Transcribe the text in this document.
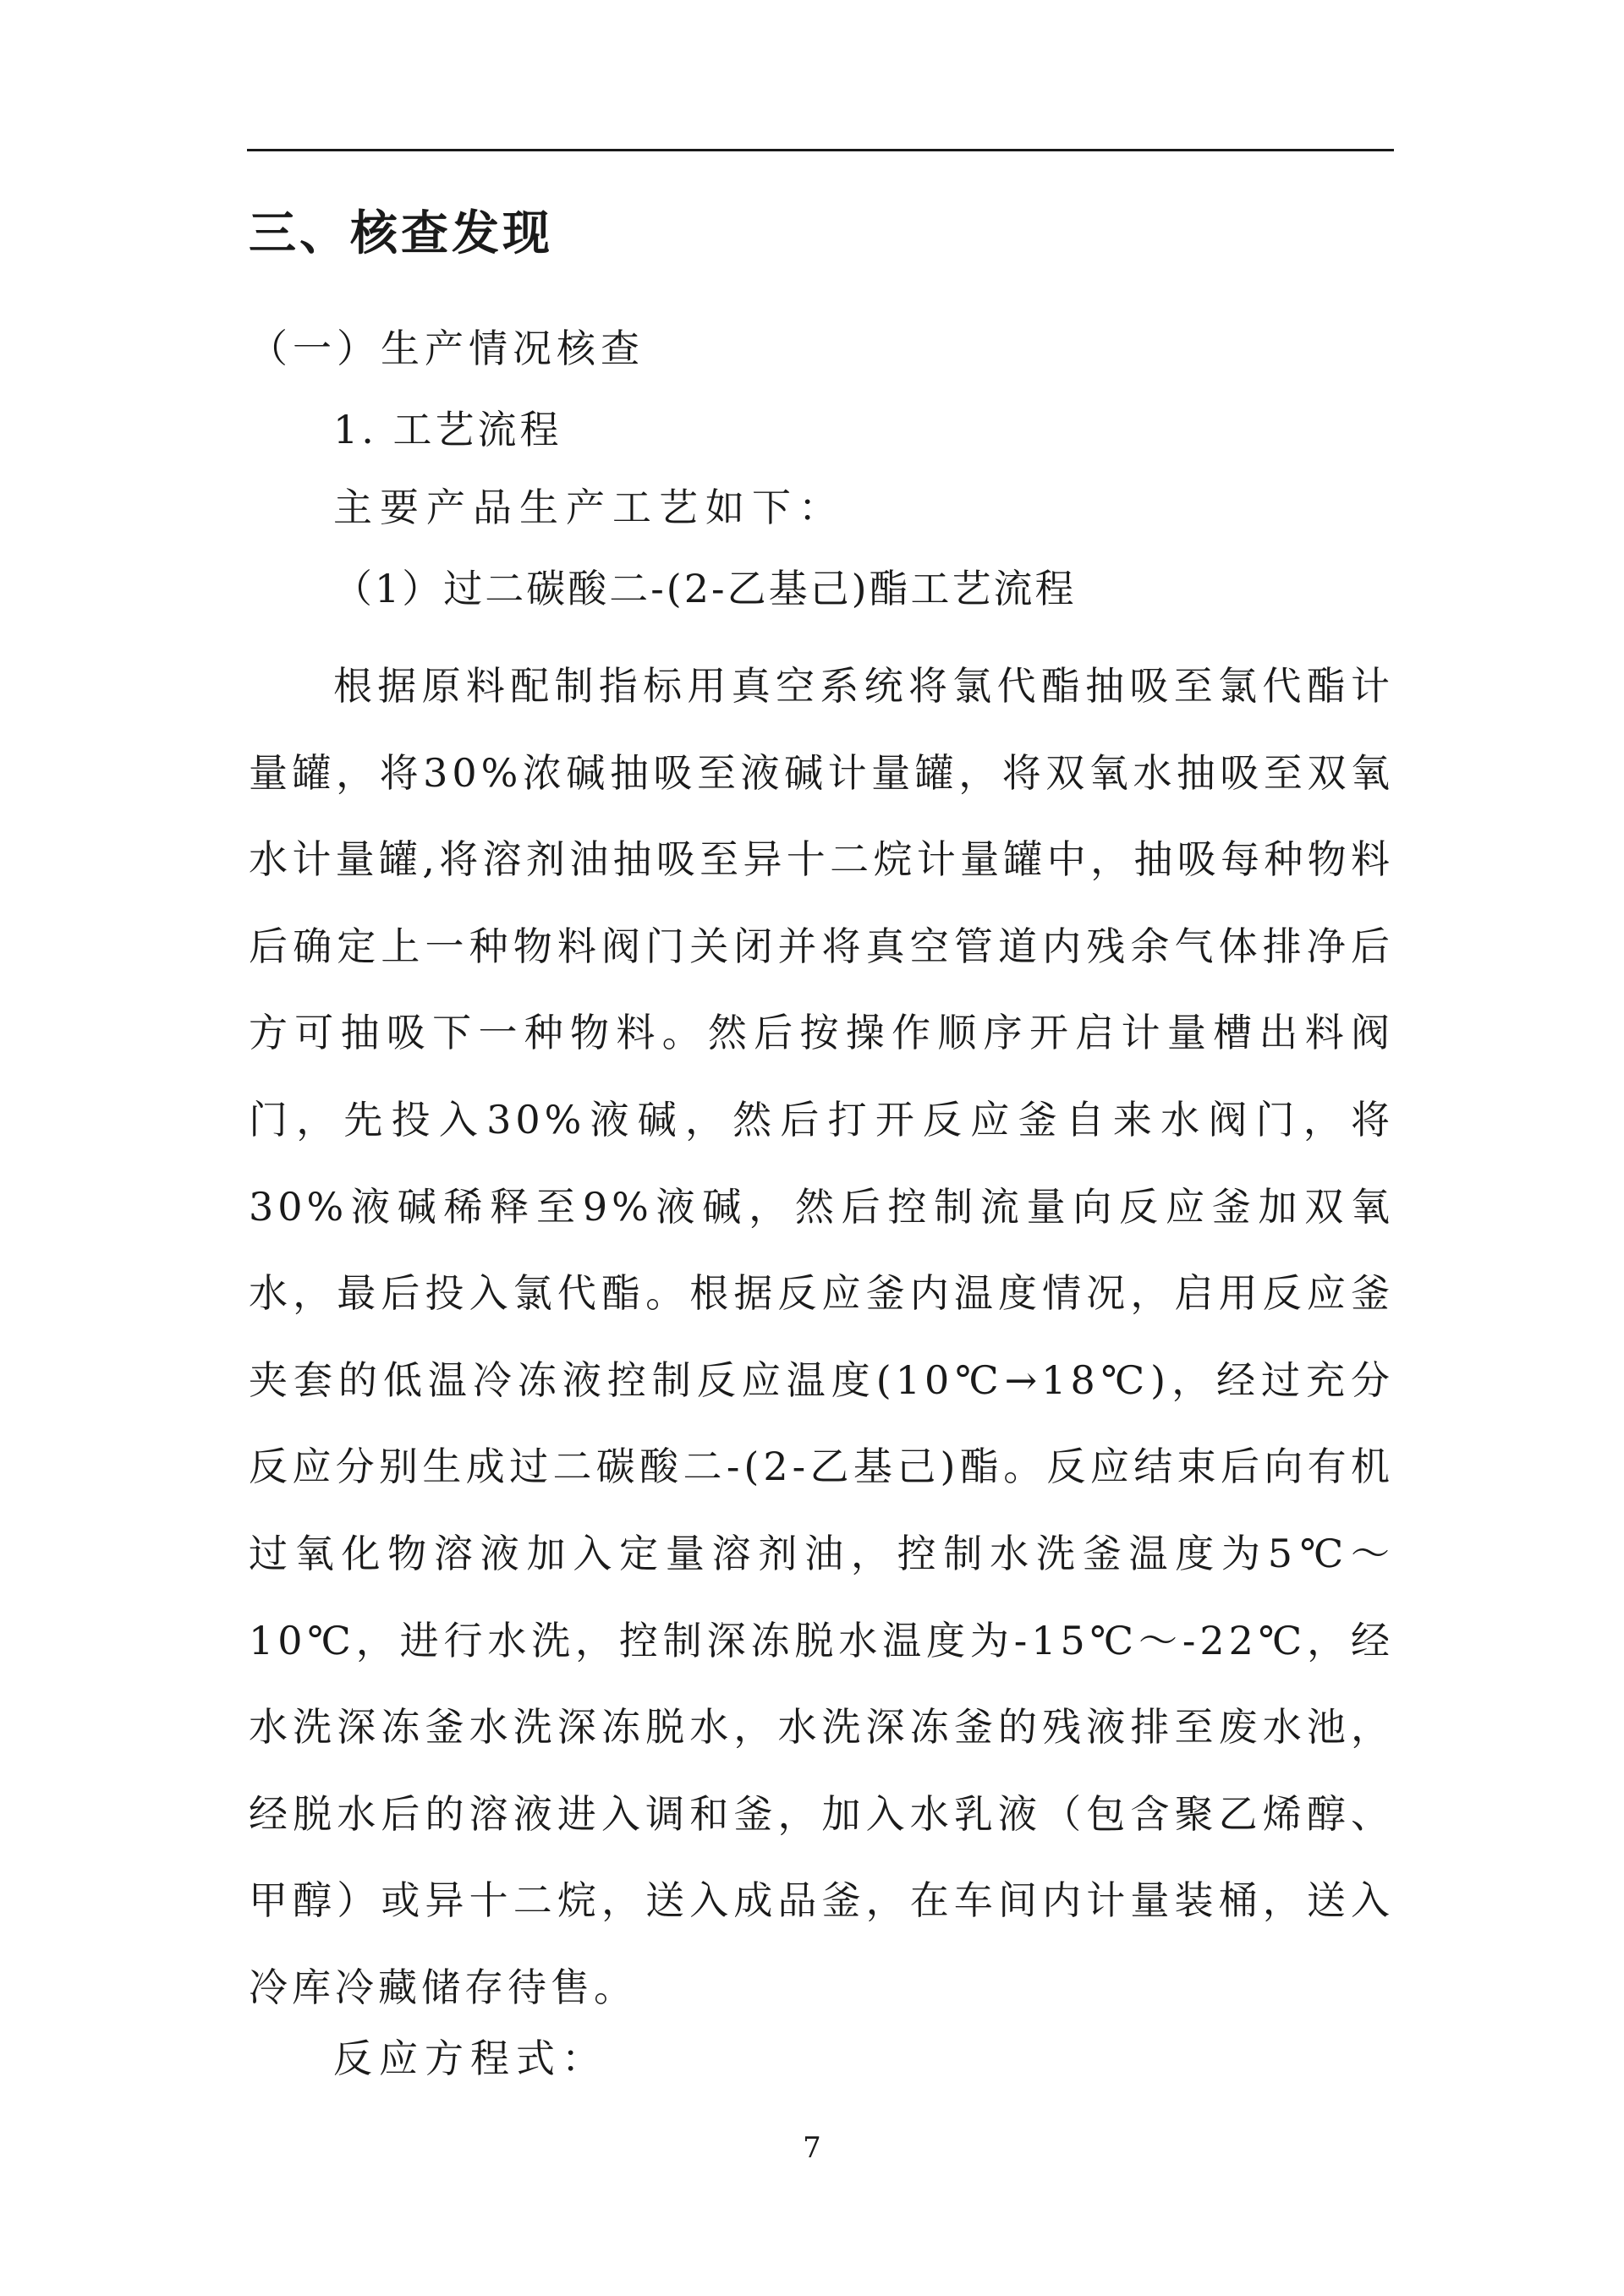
三、核查发现
（一）生产情况核查
1. 工艺流程
主要产品生产工艺如下：
（1）过二碳酸二-(2-乙基己)酯工艺流程

根据原料配制指标用真空系统将氯代酯抽吸至氯代酯计量罐，将30%浓碱抽吸至液碱计量罐，将双氧水抽吸至双氧水计量罐,将溶剂油抽吸至异十二烷计量罐中，抽吸每种物料后确定上一种物料阀门关闭并将真空管道内残余气体排净后方可抽吸下一种物料。然后按操作顺序开启计量槽出料阀门，先投入30%液碱，然后打开反应釜自来水阀门，将30%液碱稀释至9%液碱，然后控制流量向反应釜加双氧水，最后投入氯代酯。根据反应釜内温度情况，启用反应釜夹套的低温冷冻液控制反应温度(10℃→18℃)，经过充分反应分别生成过二碳酸二-(2-乙基己)酯。反应结束后向有机过氧化物溶液加入定量溶剂油，控制水洗釜温度为5℃～10℃，进行水洗，控制深冻脱水温度为-15℃～-22℃，经水洗深冻釜水洗深冻脱水，水洗深冻釜的残液排至废水池，经脱水后的溶液进入调和釜，加入水乳液（包含聚乙烯醇、甲醇）或异十二烷，送入成品釜，在车间内计量装桶，送入冷库冷藏储存待售。

反应方程式：
7
